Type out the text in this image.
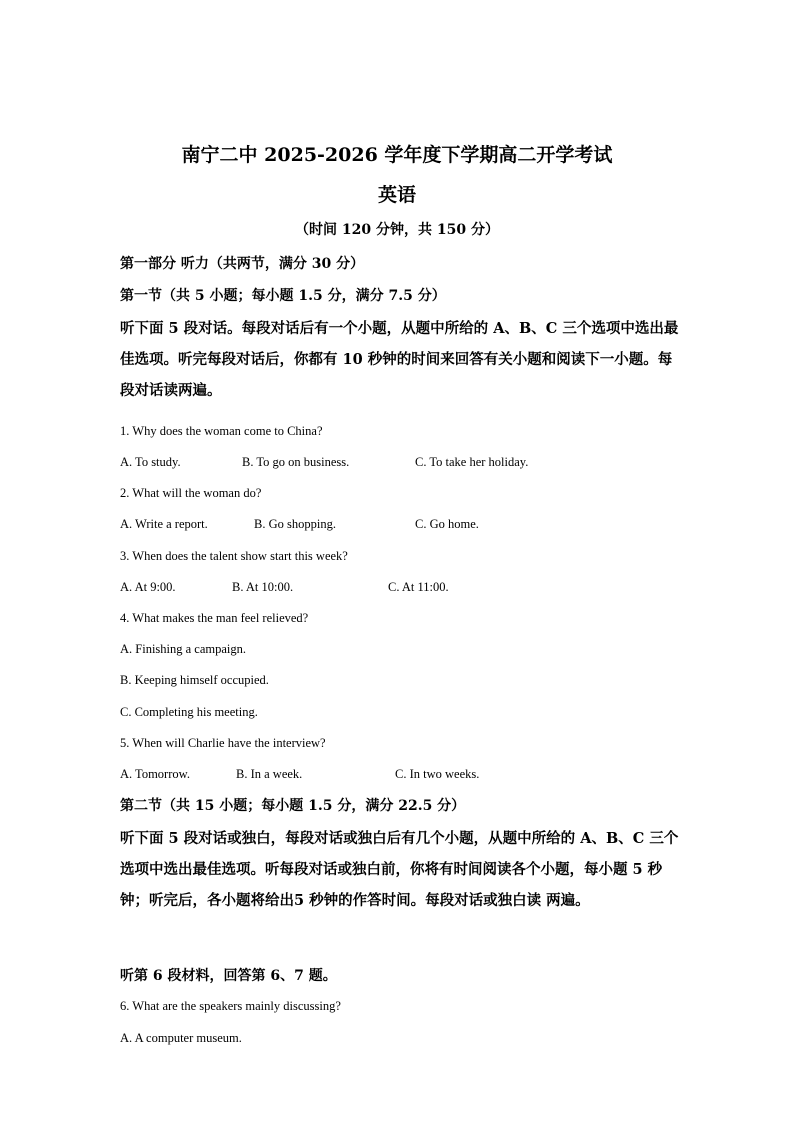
南宁二中 2025-2026 学年度下学期高二开学考试
英语
（时间 120 分钟，共 150 分）
第一部分 听力（共两节，满分 30 分）
第一节（共 5 小题；每小题 1.5 分，满分 7.5 分）
听下面 5 段对话。每段对话后有一个小题，从题中所给的 A、B、C 三个选项中选出最佳选项。听完每段对话后，你都有 10 秒钟的时间来回答有关小题和阅读下一小题。每段对话读两遍。
1. Why does the woman come to China?
A. To study.	B. To go on business.	C. To take her holiday.
2. What will the woman do?
A. Write a report.	B. Go shopping.	C. Go home.
3. When does the talent show start this week?
A. At 9:00.	B. At 10:00.	C. At 11:00.
4. What makes the man feel relieved?
A. Finishing a campaign.
B. Keeping himself occupied.
C. Completing his meeting.
5. When will Charlie have the interview?
A. Tomorrow.	B. In a week.	C. In two weeks.
第二节（共 15 小题；每小题 1.5 分，满分 22.5 分）
听下面 5 段对话或独白，每段对话或独白后有几个小题，从题中所给的 A、B、C 三个选项中选出最佳选项。听每段对话或独白前，你将有时间阅读各个小题，每小题 5 秒钟；听完后，各小题将给出5 秒钟的作答时间。每段对话或独白读 两遍。
听第 6 段材料，回答第 6、7 题。
6. What are the speakers mainly discussing?
A. A computer museum.
